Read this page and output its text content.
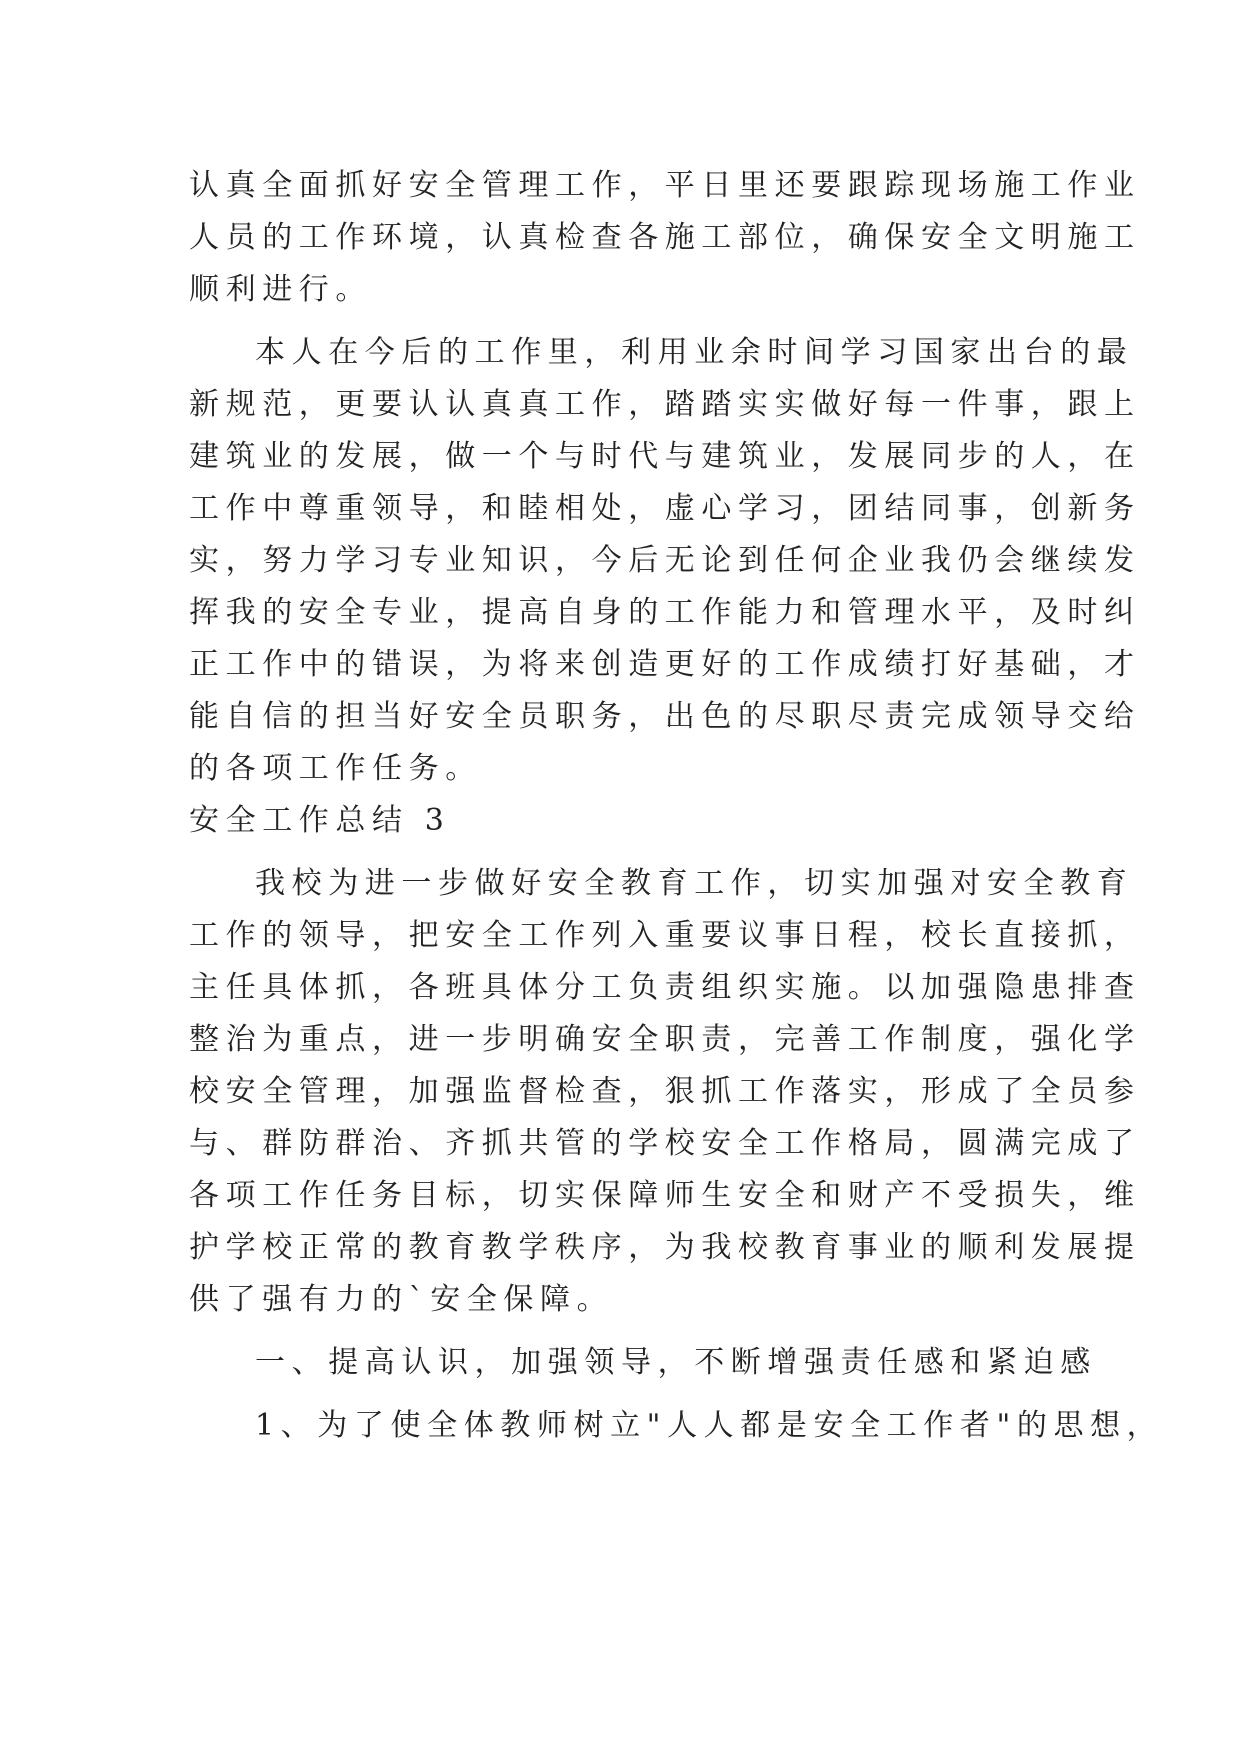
认真全面抓好安全管理工作，平日里还要跟踪现场施工作业
人员的工作环境，认真检查各施工部位，确保安全文明施工
顺利进行。
本人在今后的工作里，利用业余时间学习国家出台的最
新规范，更要认认真真工作，踏踏实实做好每一件事，跟上
建筑业的发展，做一个与时代与建筑业，发展同步的人，在
工作中尊重领导，和睦相处，虚心学习，团结同事，创新务
实，努力学习专业知识，今后无论到任何企业我仍会继续发
挥我的安全专业，提高自身的工作能力和管理水平，及时纠
正工作中的错误，为将来创造更好的工作成绩打好基础，才
能自信的担当好安全员职务，出色的尽职尽责完成领导交给
的各项工作任务。
安全工作总结 3
我校为进一步做好安全教育工作，切实加强对安全教育
工作的领导，把安全工作列入重要议事日程，校长直接抓，
主任具体抓，各班具体分工负责组织实施。以加强隐患排查
整治为重点，进一步明确安全职责，完善工作制度，强化学
校安全管理，加强监督检查，狠抓工作落实，形成了全员参
与、群防群治、齐抓共管的学校安全工作格局，圆满完成了
各项工作任务目标，切实保障师生安全和财产不受损失，维
护学校正常的教育教学秩序，为我校教育事业的顺利发展提
供了强有力的`安全保障。
一、提高认识，加强领导，不断增强责任感和紧迫感
1、为了使全体教师树立"人人都是安全工作者"的思想，
